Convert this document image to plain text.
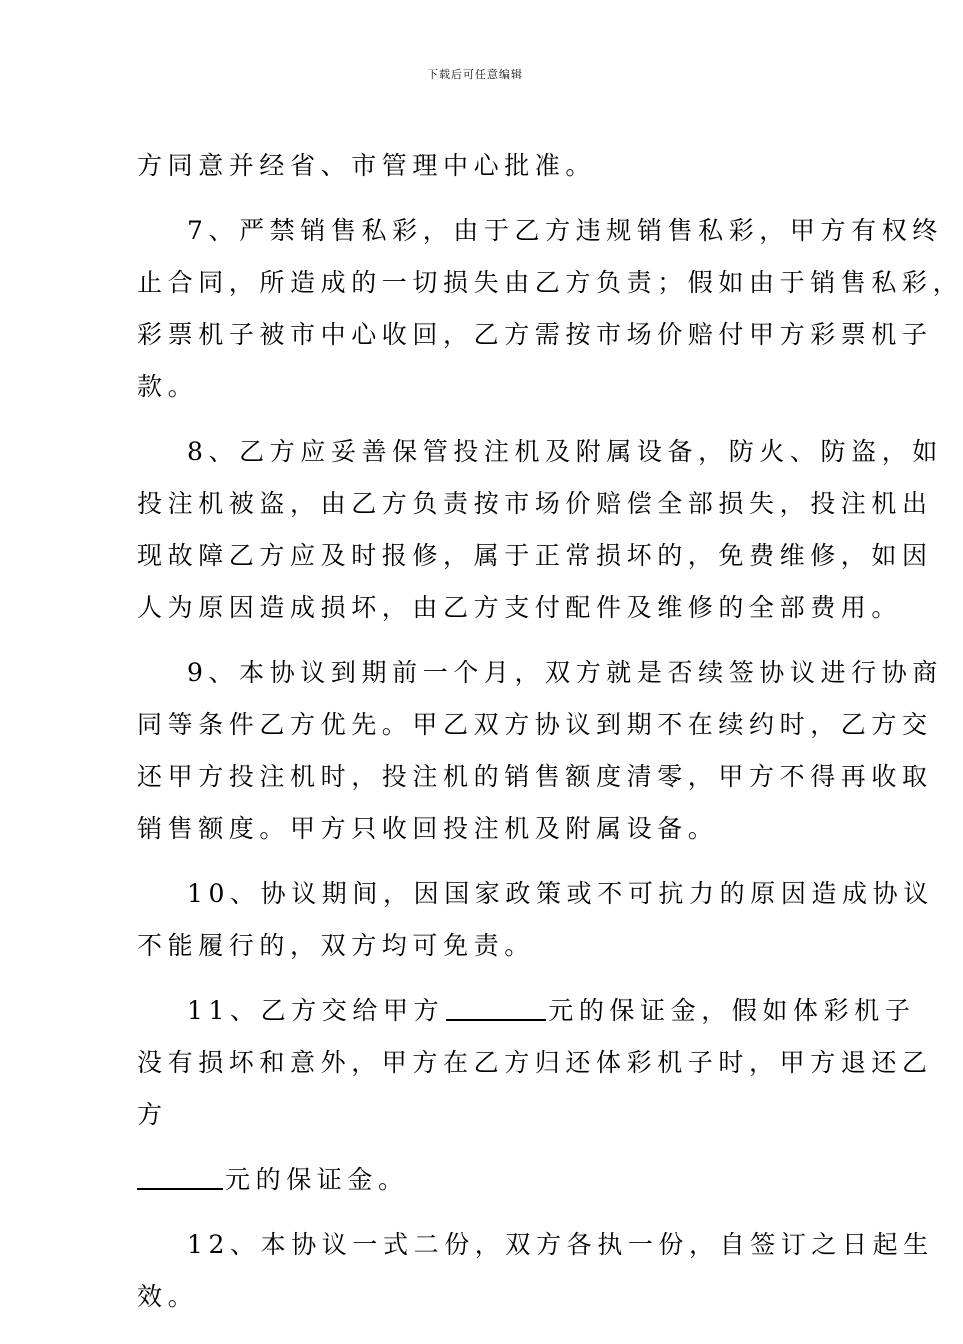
下载后可任意编辑
方同意并经省、市管理中心批准。
7、严禁销售私彩，由于乙方违规销售私彩，甲方有权终
止合同，所造成的一切损失由乙方负责；假如由于销售私彩，
彩票机子被市中心收回，乙方需按市场价赔付甲方彩票机子
款。
8、乙方应妥善保管投注机及附属设备，防火、防盗，如
投注机被盗，由乙方负责按市场价赔偿全部损失，投注机出
现故障乙方应及时报修，属于正常损坏的，免费维修，如因
人为原因造成损坏，由乙方支付配件及维修的全部费用。
9、本协议到期前一个月，双方就是否续签协议进行协商
同等条件乙方优先。甲乙双方协议到期不在续约时，乙方交
还甲方投注机时，投注机的销售额度清零，甲方不得再收取
销售额度。甲方只收回投注机及附属设备。
10、协议期间，因国家政策或不可抗力的原因造成协议
不能履行的，双方均可免责。
11、乙方交给甲方	元的保证金，假如体彩机子
没有损坏和意外，甲方在乙方归还体彩机子时，甲方退还乙
方
元的保证金。
12、本协议一式二份，双方各执一份，自签订之日起生
效。
